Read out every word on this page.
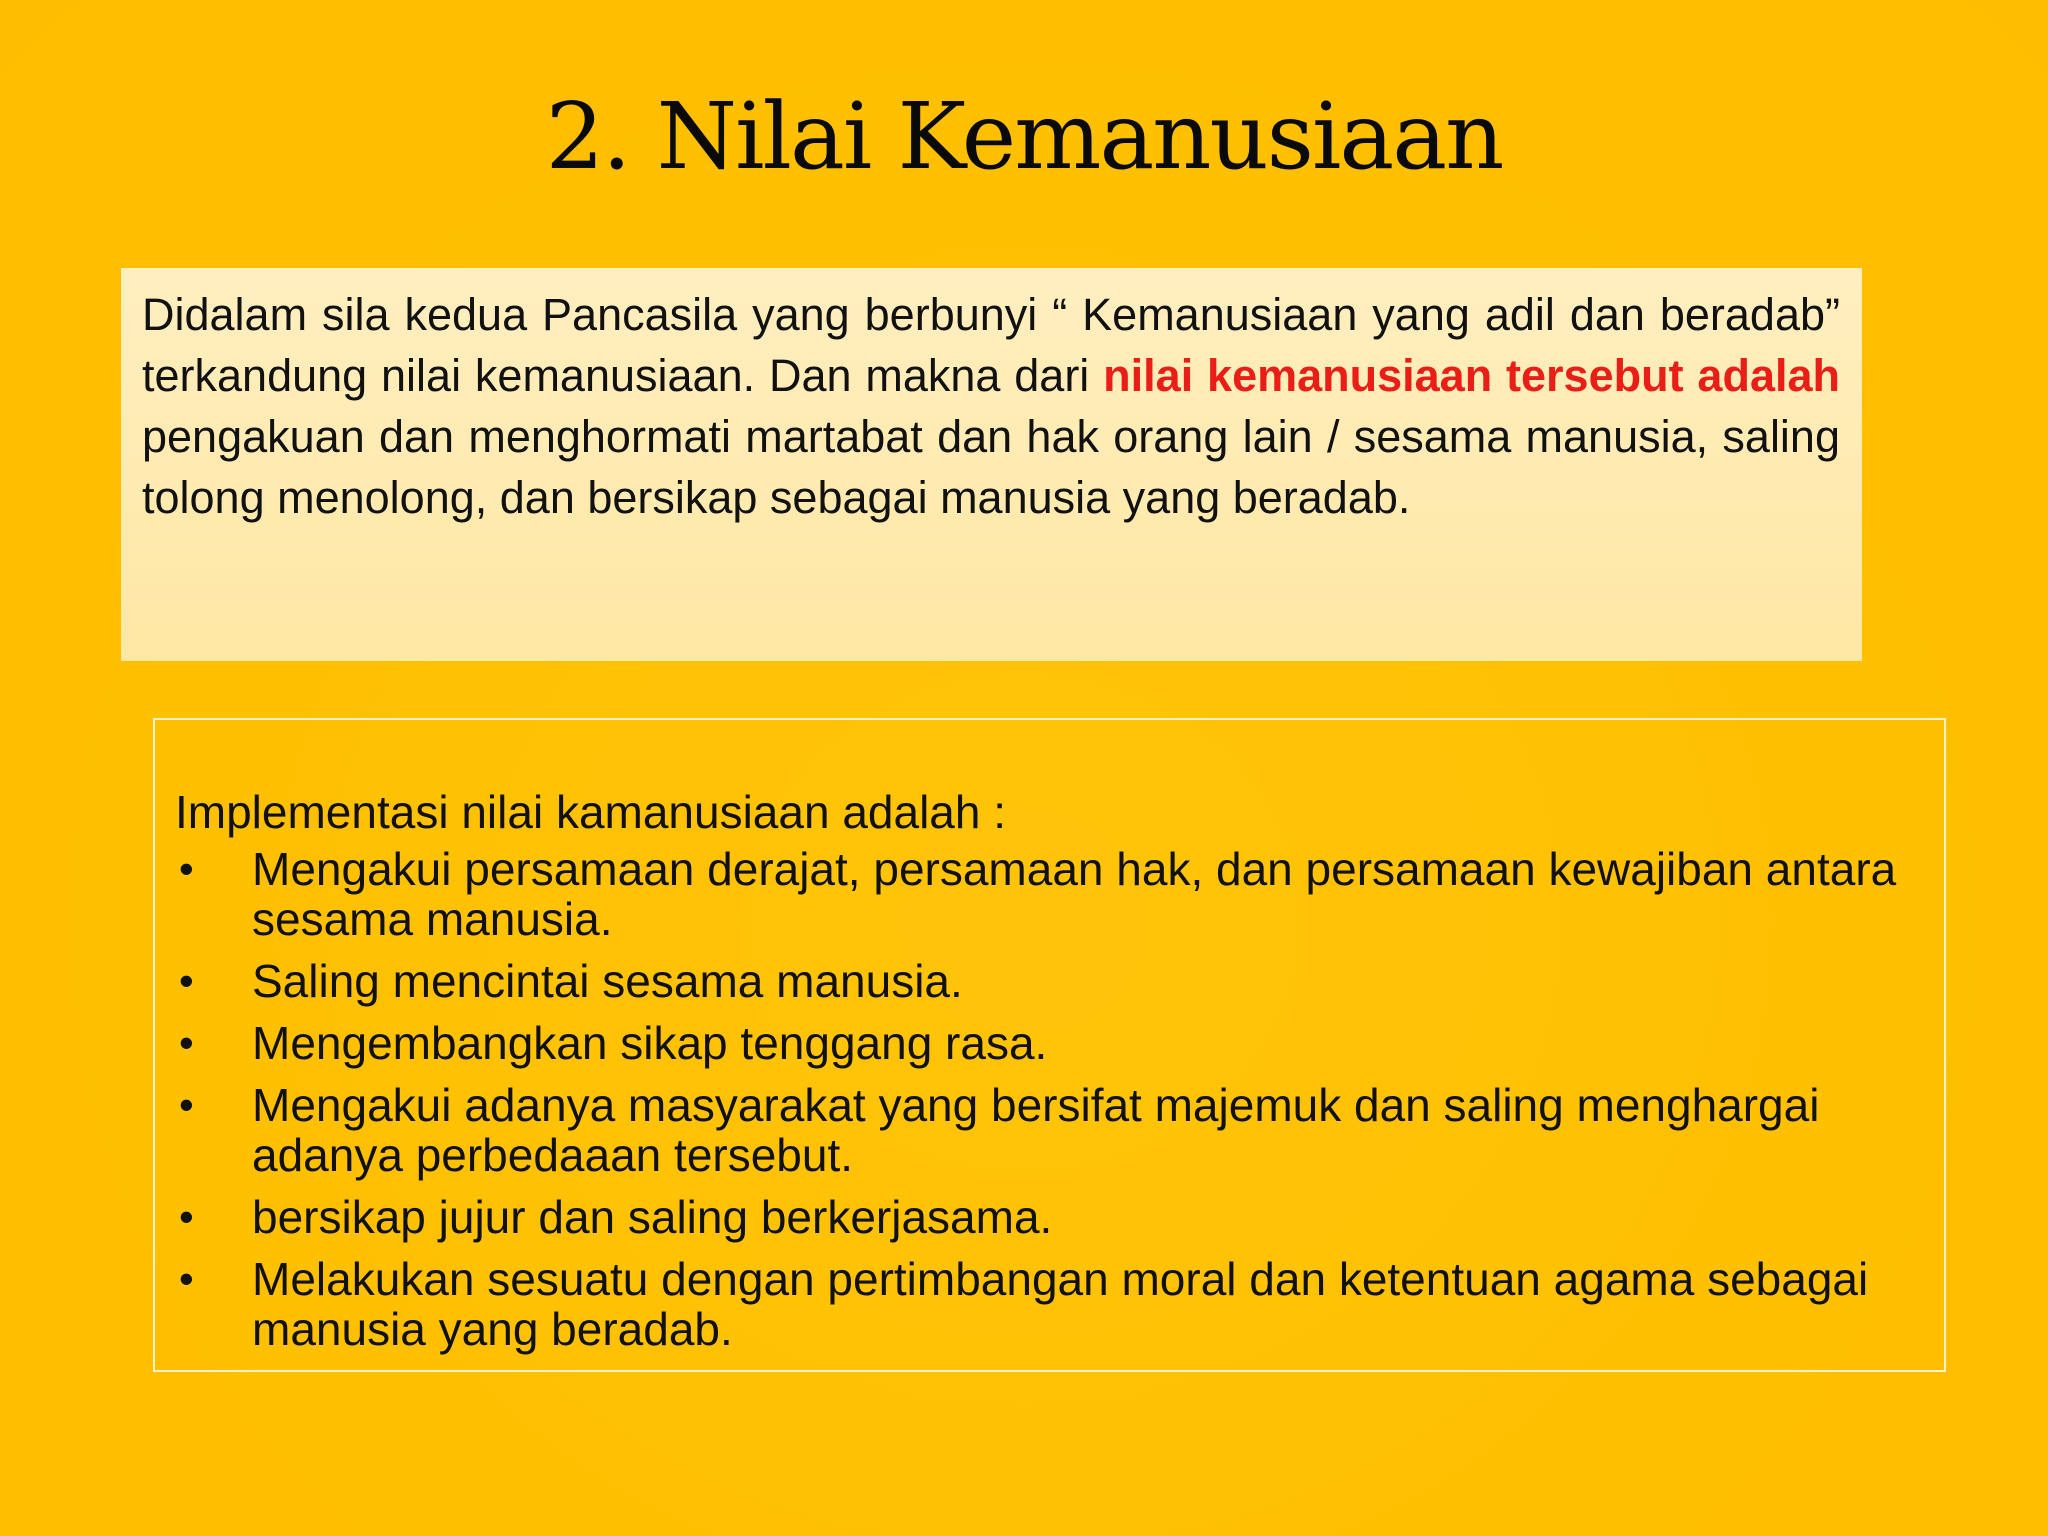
2. Nilai Kemanusiaan

Didalam sila kedua Pancasila yang berbunyi “ Kemanusiaan yang adil dan beradab” terkandung nilai kemanusiaan. Dan makna dari nilai kemanusiaan tersebut adalah pengakuan dan menghormati martabat dan hak orang lain / sesama manusia, saling tolong menolong, dan bersikap sebagai manusia yang beradab.

Implementasi nilai kamanusiaan adalah :

• Mengakui persamaan derajat, persamaan hak, dan persamaan kewajiban antara sesama manusia.
• Saling mencintai sesama manusia.
• Mengembangkan sikap tenggang rasa.
• Mengakui adanya masyarakat yang bersifat majemuk dan saling menghargai adanya perbedaaan tersebut.
• bersikap jujur dan saling berkerjasama.
• Melakukan sesuatu dengan pertimbangan moral dan ketentuan agama sebagai manusia yang beradab.
